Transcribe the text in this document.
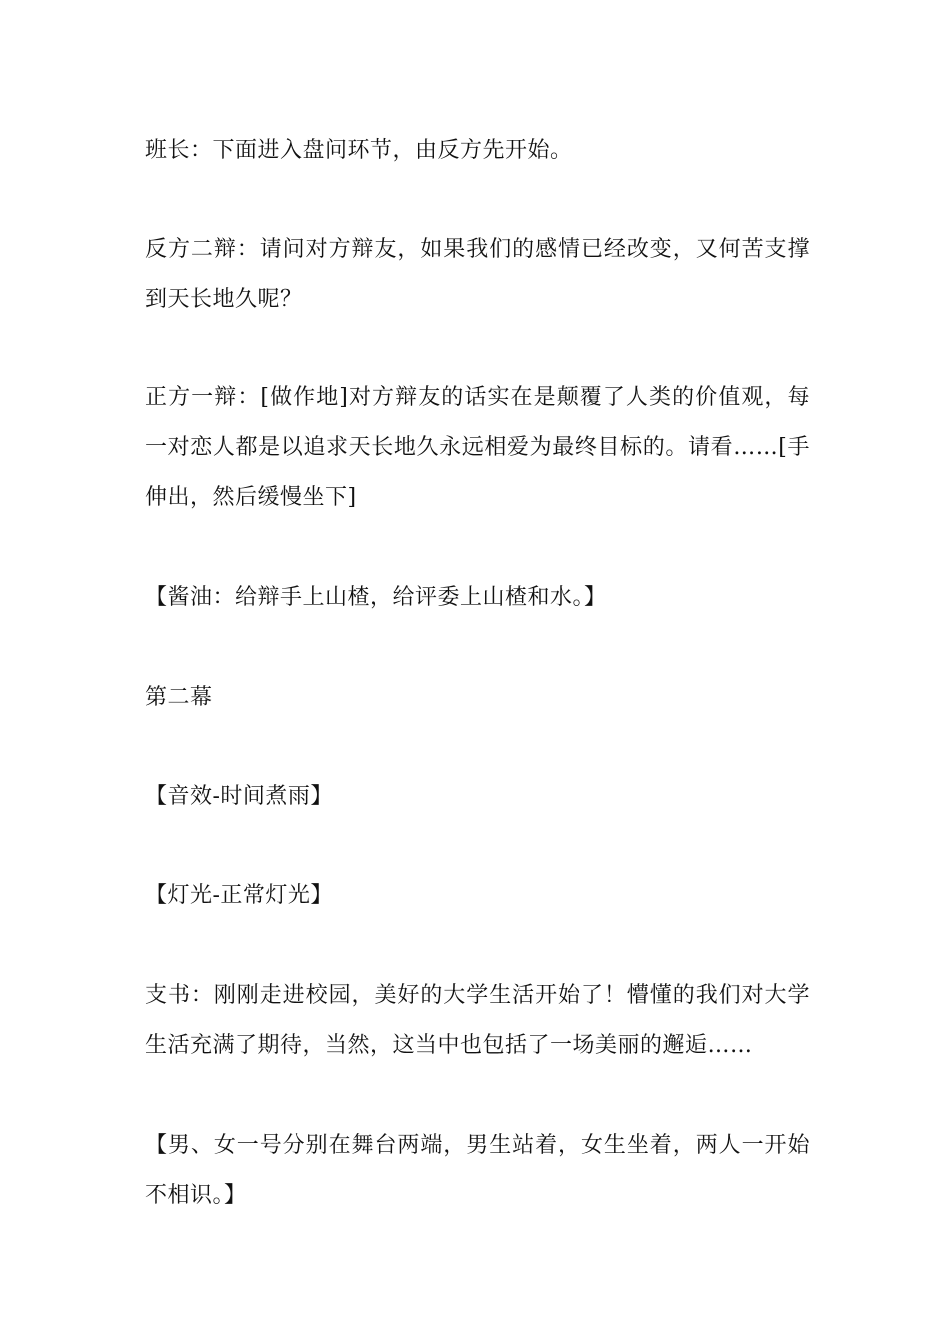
班长：下面进入盘问环节，由反方先开始。

反方二辩：请问对方辩友，如果我们的感情已经改变，又何苦支撑到天长地久呢？

正方一辩：[做作地]对方辩友的话实在是颠覆了人类的价值观，每一对恋人都是以追求天长地久永远相爱为最终目标的。请看……[手伸出，然后缓慢坐下]

【酱油：给辩手上山楂，给评委上山楂和水。】

第二幕

【音效-时间煮雨】

【灯光-正常灯光】

支书：刚刚走进校园，美好的大学生活开始了！懵懂的我们对大学生活充满了期待，当然，这当中也包括了一场美丽的邂逅……

【男、女一号分别在舞台两端，男生站着，女生坐着，两人一开始不相识。】
